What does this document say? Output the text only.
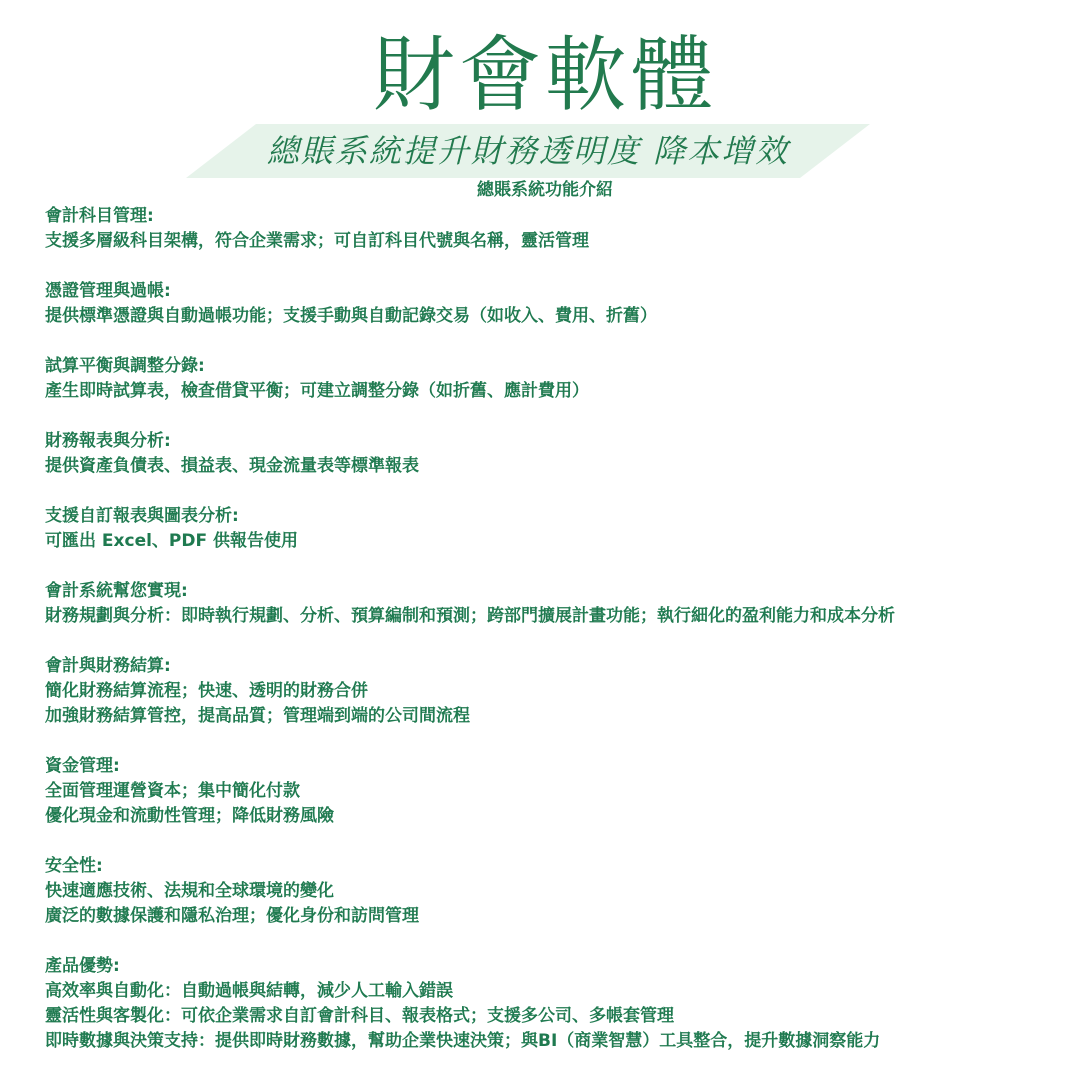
財會軟體
總賬系統提升財務透明度 降本增效
總賬系統功能介紹
會計科目管理:
支援多層級科目架構，符合企業需求；可自訂科目代號與名稱，靈活管理
憑證管理與過帳:
提供標準憑證與自動過帳功能；支援手動與自動記錄交易（如收入、費用、折舊）
試算平衡與調整分錄:
產生即時試算表，檢查借貸平衡；可建立調整分錄（如折舊、應計費用）
財務報表與分析:
提供資產負債表、損益表、現金流量表等標準報表
支援自訂報表與圖表分析:
可匯出 Excel、PDF 供報告使用
會計系統幫您實現:
財務規劃與分析：即時執行規劃、分析、預算編制和預測；跨部門擴展計畫功能；執行細化的盈利能力和成本分析
會計與財務結算:
簡化財務結算流程；快速、透明的財務合併
加強財務結算管控，提高品質；管理端到端的公司間流程
資金管理:
全面管理運營資本；集中簡化付款
優化現金和流動性管理；降低財務風險
安全性:
快速適應技術、法規和全球環境的變化
廣泛的數據保護和隱私治理；優化身份和訪問管理
產品優勢:
高效率與自動化：自動過帳與結轉，減少人工輸入錯誤
靈活性與客製化：可依企業需求自訂會計科目、報表格式；支援多公司、多帳套管理
即時數據與決策支持：提供即時財務數據，幫助企業快速決策；與BI（商業智慧）工具整合，提升數據洞察能力
